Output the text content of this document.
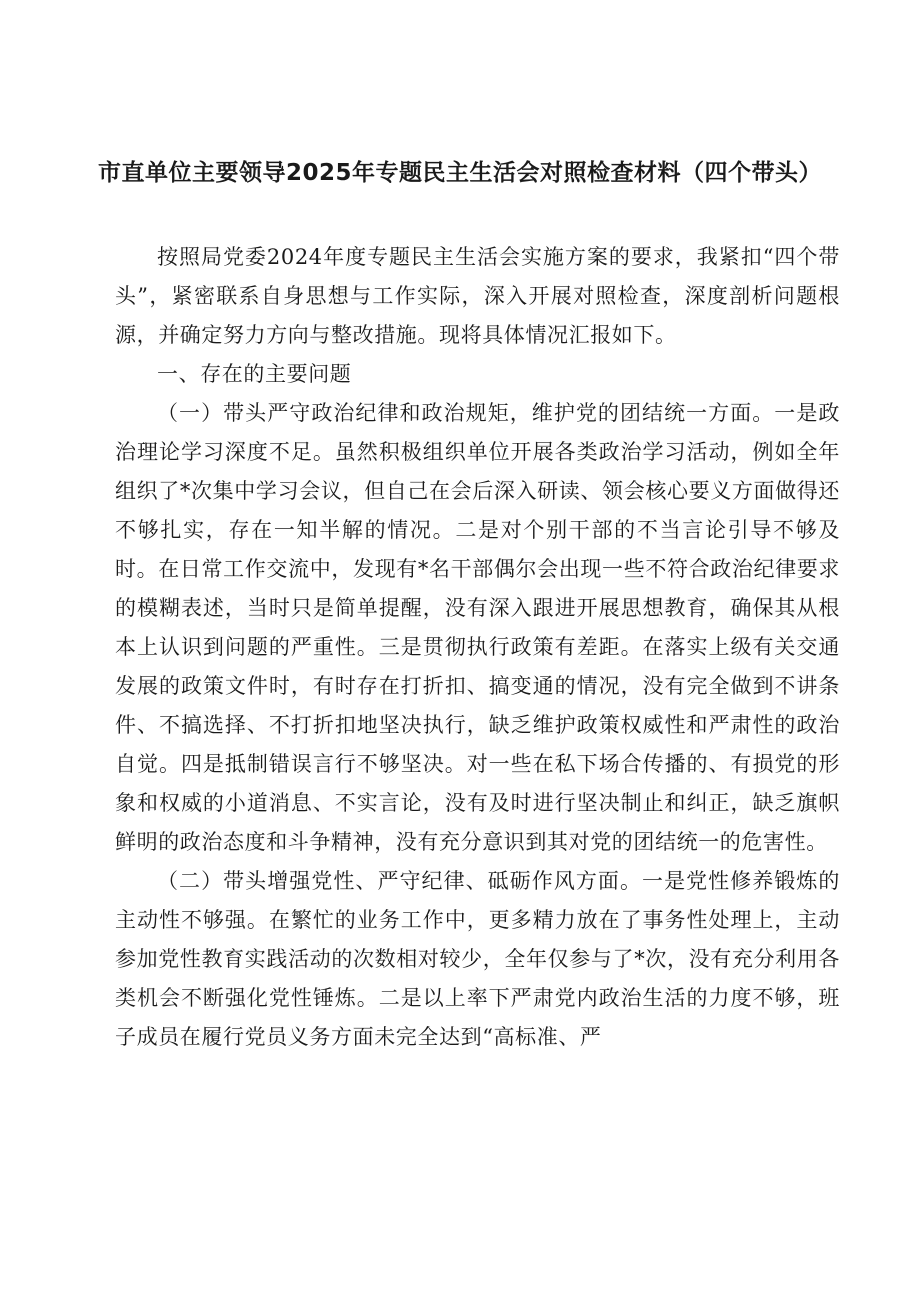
市直单位主要领导2025年专题民主生活会对照检查材料（四个带头）

按照局党委2024年度专题民主生活会实施方案的要求，我紧扣“四个带头”，紧密联系自身思想与工作实际，深入开展对照检查，深度剖析问题根源，并确定努力方向与整改措施。现将具体情况汇报如下。

一、存在的主要问题

（一）带头严守政治纪律和政治规矩，维护党的团结统一方面。一是政治理论学习深度不足。虽然积极组织单位开展各类政治学习活动，例如全年组织了*次集中学习会议，但自己在会后深入研读、领会核心要义方面做得还不够扎实，存在一知半解的情况。二是对个别干部的不当言论引导不够及时。在日常工作交流中，发现有*名干部偶尔会出现一些不符合政治纪律要求的模糊表述，当时只是简单提醒，没有深入跟进开展思想教育，确保其从根本上认识到问题的严重性。三是贯彻执行政策有差距。在落实上级有关交通发展的政策文件时，有时存在打折扣、搞变通的情况，没有完全做到不讲条件、不搞选择、不打折扣地坚决执行，缺乏维护政策权威性和严肃性的政治自觉。四是抵制错误言行不够坚决。对一些在私下场合传播的、有损党的形象和权威的小道消息、不实言论，没有及时进行坚决制止和纠正，缺乏旗帜鲜明的政治态度和斗争精神，没有充分意识到其对党的团结统一的危害性。

（二）带头增强党性、严守纪律、砥砺作风方面。一是党性修养锻炼的主动性不够强。在繁忙的业务工作中，更多精力放在了事务性处理上，主动参加党性教育实践活动的次数相对较少，全年仅参与了*次，没有充分利用各类机会不断强化党性锤炼。二是以上率下严肃党内政治生活的力度不够，班子成员在履行党员义务方面未完全达到“高标准、严
